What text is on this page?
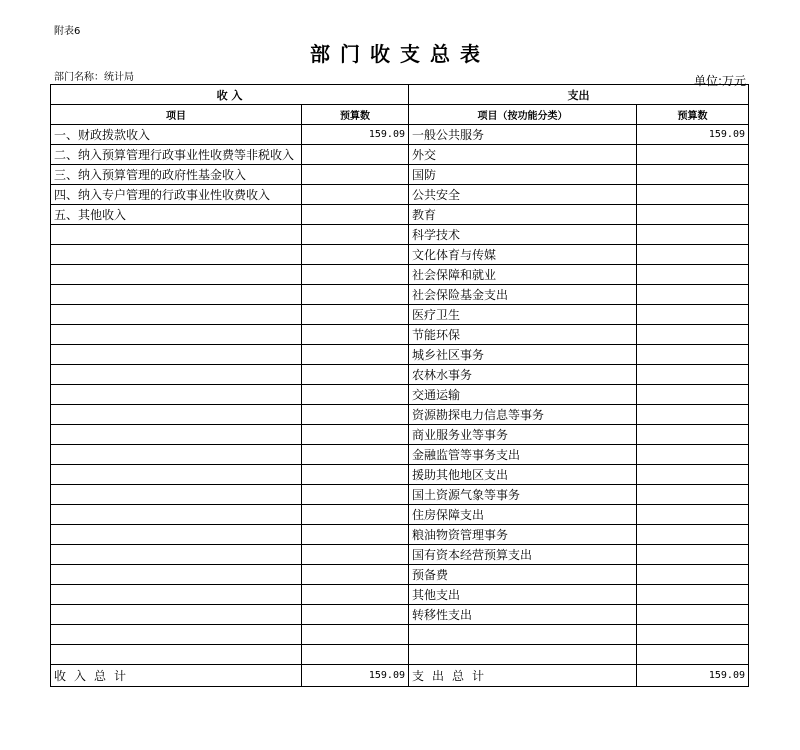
附表6
部门收支总表
部门名称：统计局	单位:万元
收 入		支出	
项目	预算数	项目（按功能分类）	预算数
一、财政拨款收入	159.09	一般公共服务	159.09
二、纳入预算管理行政事业性收费等非税收入		外交	
三、纳入预算管理的政府性基金收入		国防	
四、纳入专户管理的行政事业性收费收入		公共安全	
五、其他收入		教育	
		科学技术	
		文化体育与传媒	
		社会保障和就业	
		社会保险基金支出	
		医疗卫生	
		节能环保	
		城乡社区事务	
		农林水事务	
		交通运输	
		资源勘探电力信息等事务	
		商业服务业等事务	
		金融监管等事务支出	
		援助其他地区支出	
		国土资源气象等事务	
		住房保障支出	
		粮油物资管理事务	
		国有资本经营预算支出	
		预备费	
		其他支出	
		转移性支出	

收入总计	159.09	支出总计	159.09
